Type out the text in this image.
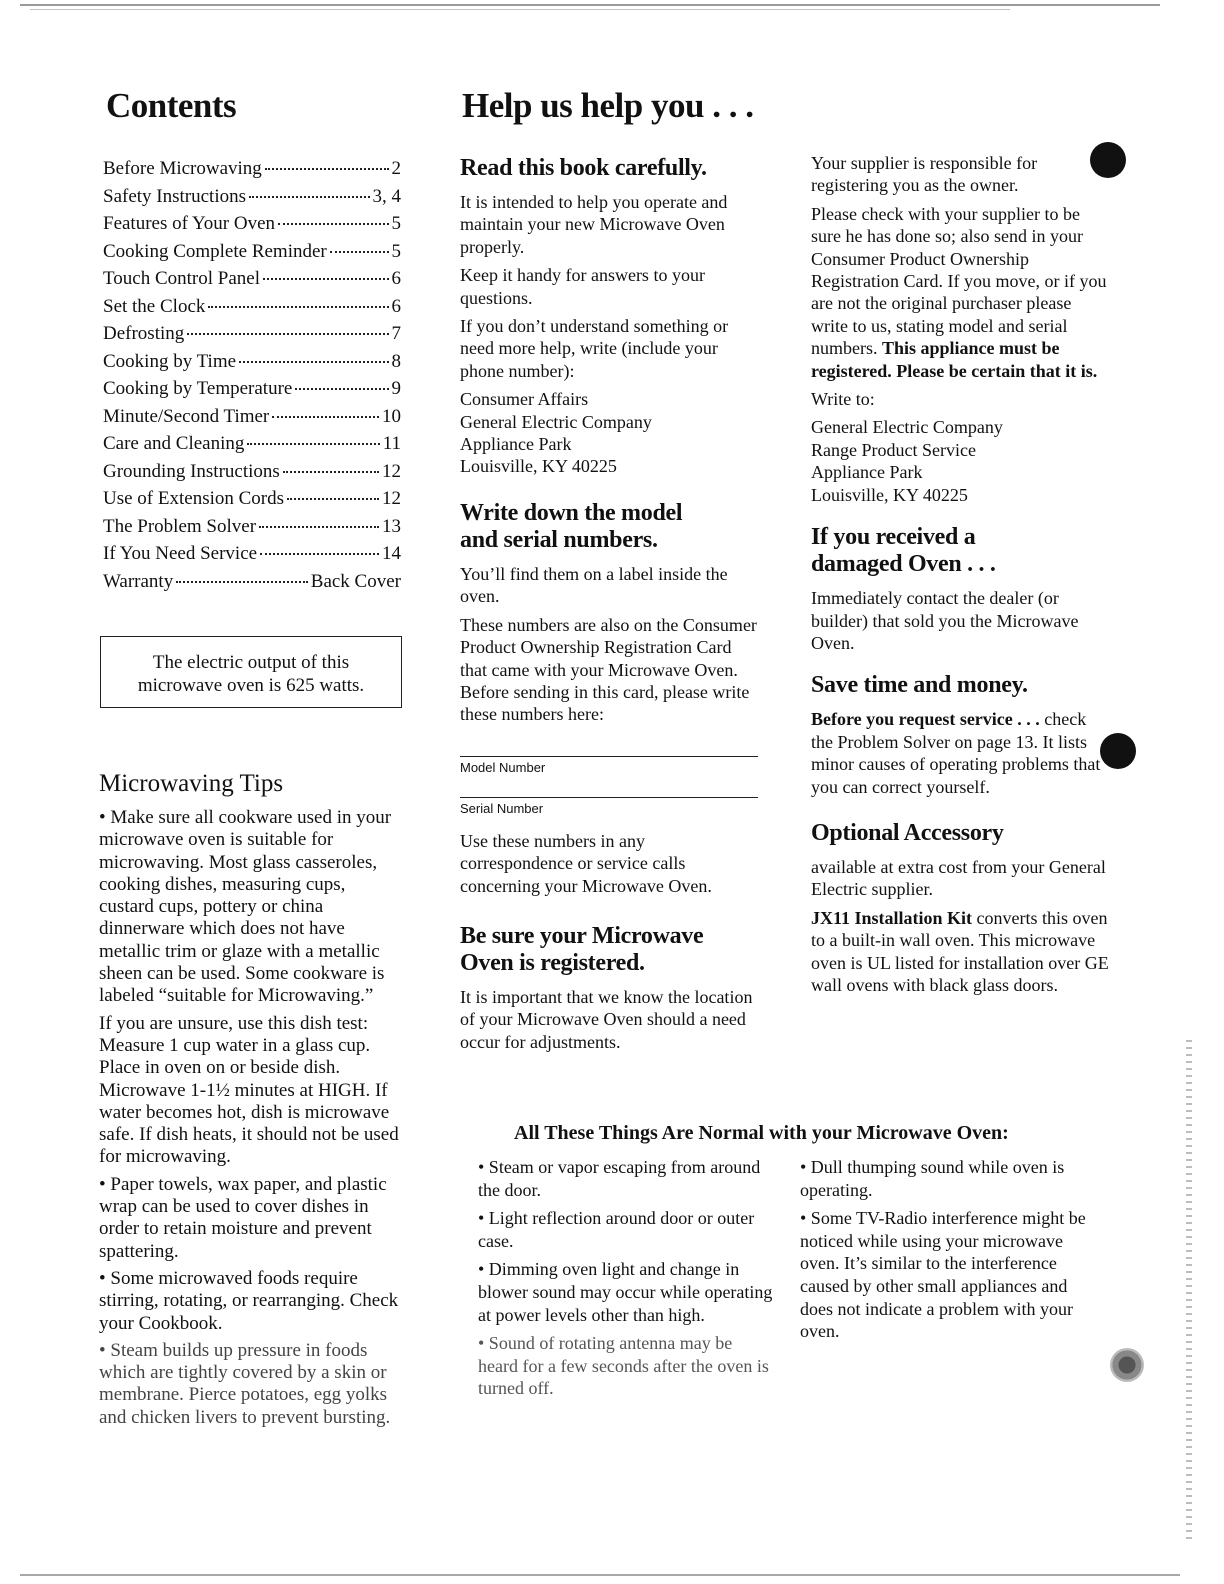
Contents
Before Microwaving	2
Safety Instructions	3, 4
Features of Your Oven	5
Cooking Complete Reminder	5
Touch Control Panel	6
Set the Clock	6
Defrosting	7
Cooking by Time	8
Cooking by Temperature	9
Minute/Second Timer	10
Care and Cleaning	11
Grounding Instructions	12
Use of Extension Cords	12
The Problem Solver	13
If You Need Service	14
Warranty	Back Cover
The electric output of this
microwave oven is 625 watts.
Microwaving Tips

• Make sure all cookware used in your microwave oven is suitable for microwaving. Most glass casseroles, cooking dishes, measuring cups, custard cups, pottery or china dinnerware which does not have metallic trim or glaze with a metallic sheen can be used. Some cookware is labeled “suitable for Microwaving.”

If you are unsure, use this dish test: Measure 1 cup water in a glass cup. Place in oven on or beside dish. Microwave 1-1½ minutes at HIGH. If water becomes hot, dish is microwave safe. If dish heats, it should not be used for microwaving.

• Paper towels, wax paper, and plastic wrap can be used to cover dishes in order to retain moisture and prevent spattering.

• Some microwaved foods require stirring, rotating, or rearranging. Check your Cookbook.

• Steam builds up pressure in foods which are tightly covered by a skin or membrane. Pierce potatoes, egg yolks and chicken livers to prevent bursting.

Help us help you . . .
Read this book carefully.

It is intended to help you operate and maintain your new Microwave Oven properly.

Keep it handy for answers to your questions.

If you don’t understand something or need more help, write (include your phone number):

Consumer Affairs
General Electric Company
Appliance Park
Louisville, KY 40225
Write down the model
and serial numbers.

You’ll find them on a label inside the oven.

These numbers are also on the Consumer Product Ownership Registration Card that came with your Microwave Oven. Before sending in this card, please write these numbers here:

Model Number
Serial Number

Use these numbers in any correspondence or service calls concerning your Microwave Oven.

Be sure your Microwave
Oven is registered.

It is important that we know the location of your Microwave Oven should a need occur for adjustments.

Your supplier is responsible for registering you as the owner.

Please check with your supplier to be sure he has done so; also send in your Consumer Product Ownership Registration Card. If you move, or if you are not the original purchaser please write to us, stating model and serial numbers. This appliance must be registered. Please be certain that it is.

Write to:

General Electric Company
Range Product Service
Appliance Park
Louisville, KY 40225
If you received a
damaged Oven . . .

Immediately contact the dealer (or builder) that sold you the Microwave Oven.

Save time and money.

Before you request service . . . check the Problem Solver on page 13. It lists minor causes of operating problems that you can correct yourself.

Optional Accessory

available at extra cost from your General Electric supplier.

JX11 Installation Kit converts this oven to a built-in wall oven. This microwave oven is UL listed for installation over GE wall ovens with black glass doors.

All These Things Are Normal with your Microwave Oven:

• Steam or vapor escaping from around the door.

• Light reflection around door or outer case.

• Dimming oven light and change in blower sound may occur while operating at power levels other than high.

• Sound of rotating antenna may be heard for a few seconds after the oven is turned off.

• Dull thumping sound while oven is operating.

• Some TV-Radio interference might be noticed while using your microwave oven. It’s similar to the interference caused by other small appliances and does not indicate a problem with your oven.
